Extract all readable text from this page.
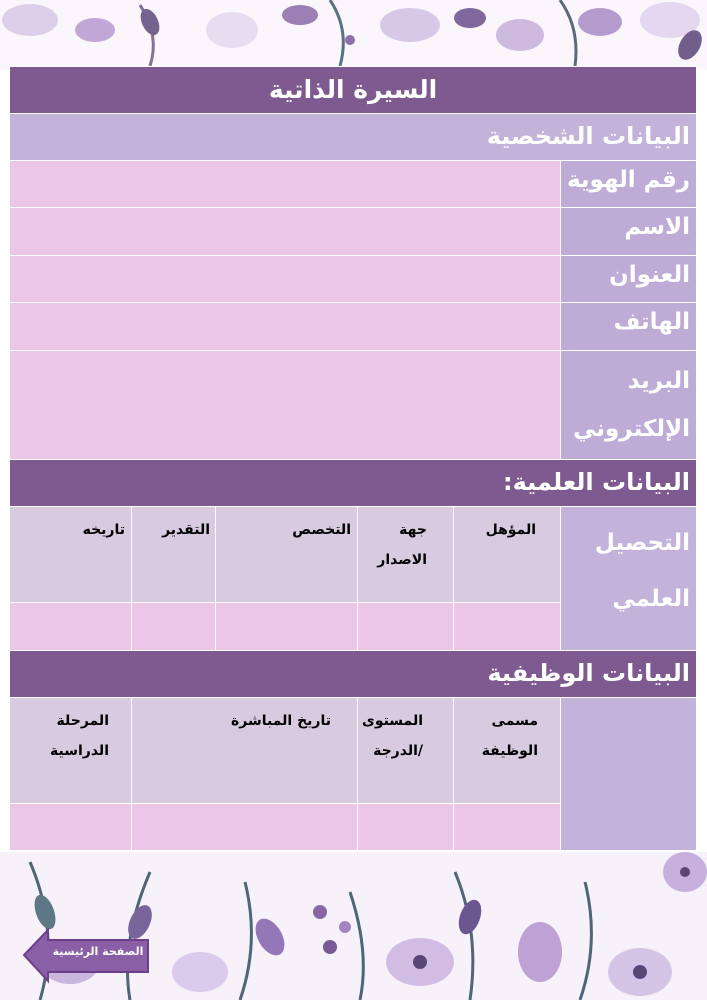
السيرة الذاتية					
البيانات الشخصية					
رقم الهوية					
الاسم					
العنوان					
الهاتف					
البريد الإلكتروني					
البيانات العلمية:					
التحصيل العلمي	المؤهل	جهة الاصدار	التخصص	التقدير	تاريخه

البيانات الوظيفية					
	مسمى الوظيفة	المستوى /الدرجة	تاريخ المباشرة		المرحلة الدراسية

الصفحة الرئيسية
